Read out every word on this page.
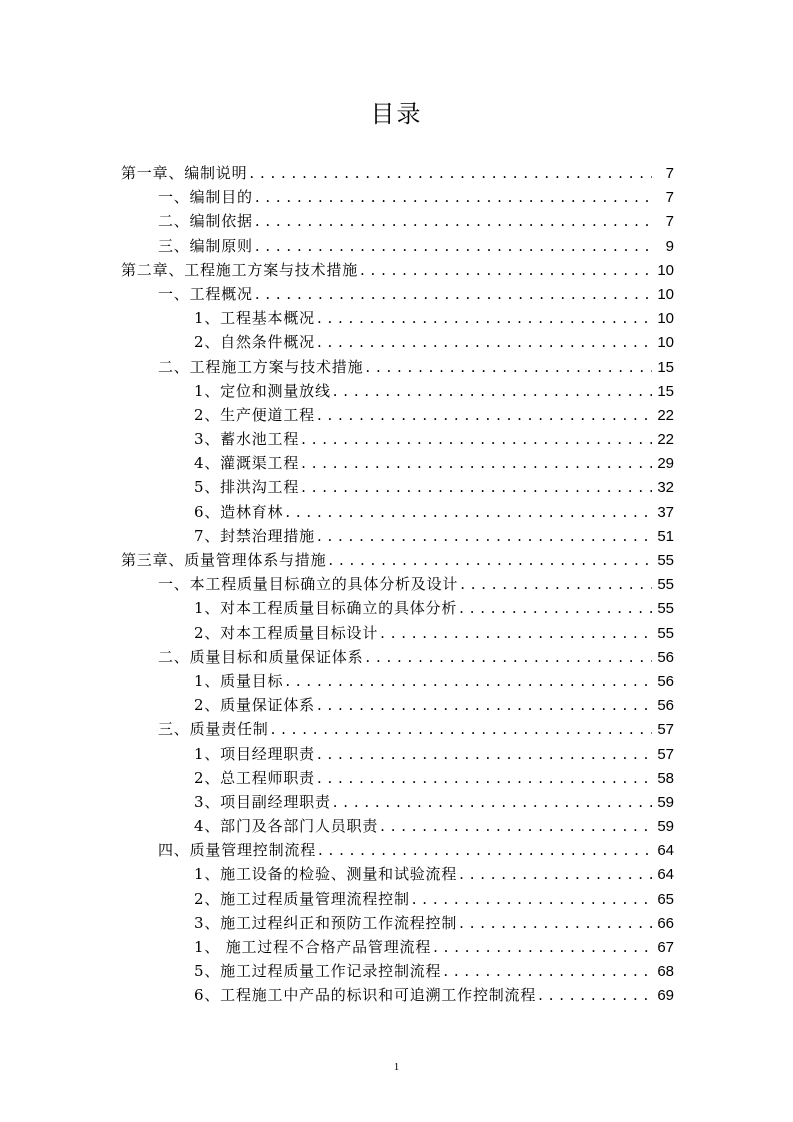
目录
第一章、编制说明 . . .	7
一、编制目的 . . .	7
二、编制依据 . . .	7
三、编制原则 . . .	9
第二章、工程施工方案与技术措施 . . .	10
一、工程概况 . . .	10
1、工程基本概况 . . .	10
2、自然条件概况 . . .	10
二、工程施工方案与技术措施 . . .	15
1、定位和测量放线 . . .	15
2、生产便道工程 . . .	22
3、蓄水池工程 . . .	22
4、灌溉渠工程 . . .	29
5、排洪沟工程 . . .	32
6、造林育林 . . .	37
7、封禁治理措施 . . .	51
第三章、质量管理体系与措施 . . .	55
一、本工程质量目标确立的具体分析及设计 . . .	55
1、对本工程质量目标确立的具体分析 . . .	55
2、对本工程质量目标设计 . . .	55
二、质量目标和质量保证体系 . . .	56
1、质量目标 . . .	56
2、质量保证体系 . . .	56
三、质量责任制 . . .	57
1、项目经理职责 . . .	57
2、总工程师职责 . . .	58
3、项目副经理职责 . . .	59
4、部门及各部门人员职责 . . .	59
四、质量管理控制流程 . . .	64
1、施工设备的检验、测量和试验流程 . . .	64
2、施工过程质量管理流程控制 . . .	65
3、施工过程纠正和预防工作流程控制 . . .	66
1、 施工过程不合格产品管理流程 . . .	67
5、施工过程质量工作记录控制流程 . . .	68
6、工程施工中产品的标识和可追溯工作控制流程 . . .	69
1
